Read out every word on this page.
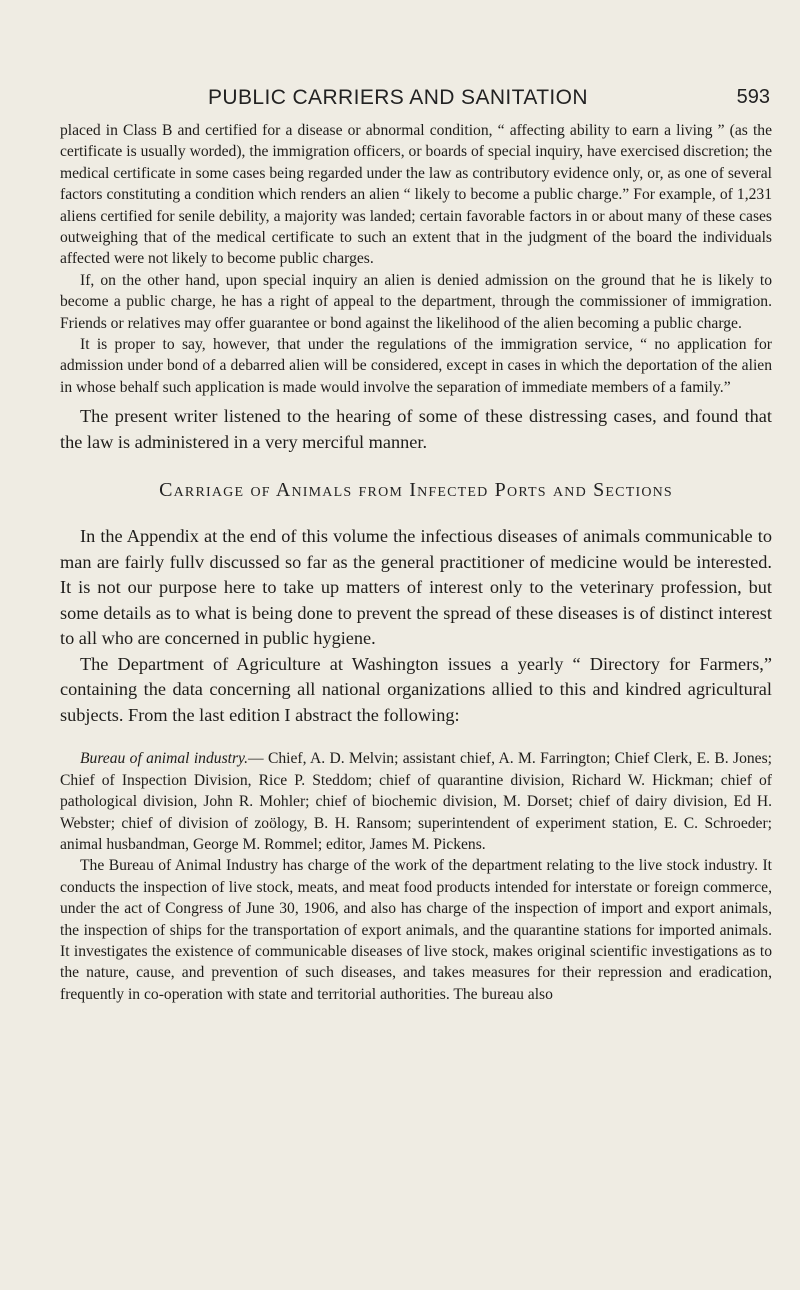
PUBLIC CARRIERS AND SANITATION	593

placed in Class B and certified for a disease or abnormal condition, “ affecting ability to earn a living ” (as the certificate is usually worded), the immigration officers, or boards of special inquiry, have exercised discretion; the medical certificate in some cases being regarded under the law as contributory evidence only, or, as one of several factors constituting a condition which renders an alien “ likely to become a public charge.” For example, of 1,231 aliens certified for senile debility, a majority was landed; certain favorable factors in or about many of these cases outweighing that of the medical certificate to such an extent that in the judgment of the board the individuals affected were not likely to become public charges.

If, on the other hand, upon special inquiry an alien is denied admission on the ground that he is likely to become a public charge, he has a right of appeal to the department, through the commissioner of immigration. Friends or relatives may offer guarantee or bond against the likelihood of the alien becoming a public charge.

It is proper to say, however, that under the regulations of the immigration service, “ no application for admission under bond of a debarred alien will be considered, except in cases in which the deportation of the alien in whose behalf such application is made would involve the separation of immediate members of a family.”

The present writer listened to the hearing of some of these distressing cases, and found that the law is administered in a very merciful manner.

Carriage of Animals from Infected Ports and Sections

In the Appendix at the end of this volume the infectious diseases of animals communicable to man are fairly fullv discussed so far as the general practitioner of medicine would be interested. It is not our purpose here to take up matters of interest only to the veterinary profession, but some details as to what is being done to prevent the spread of these diseases is of distinct interest to all who are concerned in public hygiene.

The Department of Agriculture at Washington issues a yearly “ Directory for Farmers,” containing the data concerning all national organizations allied to this and kindred agricultural subjects. From the last edition I abstract the following:

Bureau of animal industry.— Chief, A. D. Melvin; assistant chief, A. M. Farrington; Chief Clerk, E. B. Jones; Chief of Inspection Division, Rice P. Steddom; chief of quarantine division, Richard W. Hickman; chief of pathological division, John R. Mohler; chief of biochemic division, M. Dorset; chief of dairy division, Ed H. Webster; chief of division of zoölogy, B. H. Ransom; superintendent of experiment station, E. C. Schroeder; animal husbandman, George M. Rommel; editor, James M. Pickens.

The Bureau of Animal Industry has charge of the work of the department relating to the live stock industry. It conducts the inspection of live stock, meats, and meat food products intended for interstate or foreign commerce, under the act of Congress of June 30, 1906, and also has charge of the inspection of import and export animals, the inspection of ships for the transportation of export animals, and the quarantine stations for imported animals. It investigates the existence of communicable diseases of live stock, makes original scientific investigations as to the nature, cause, and prevention of such diseases, and takes measures for their repression and eradication, frequently in co-operation with state and territorial authorities. The bureau also
